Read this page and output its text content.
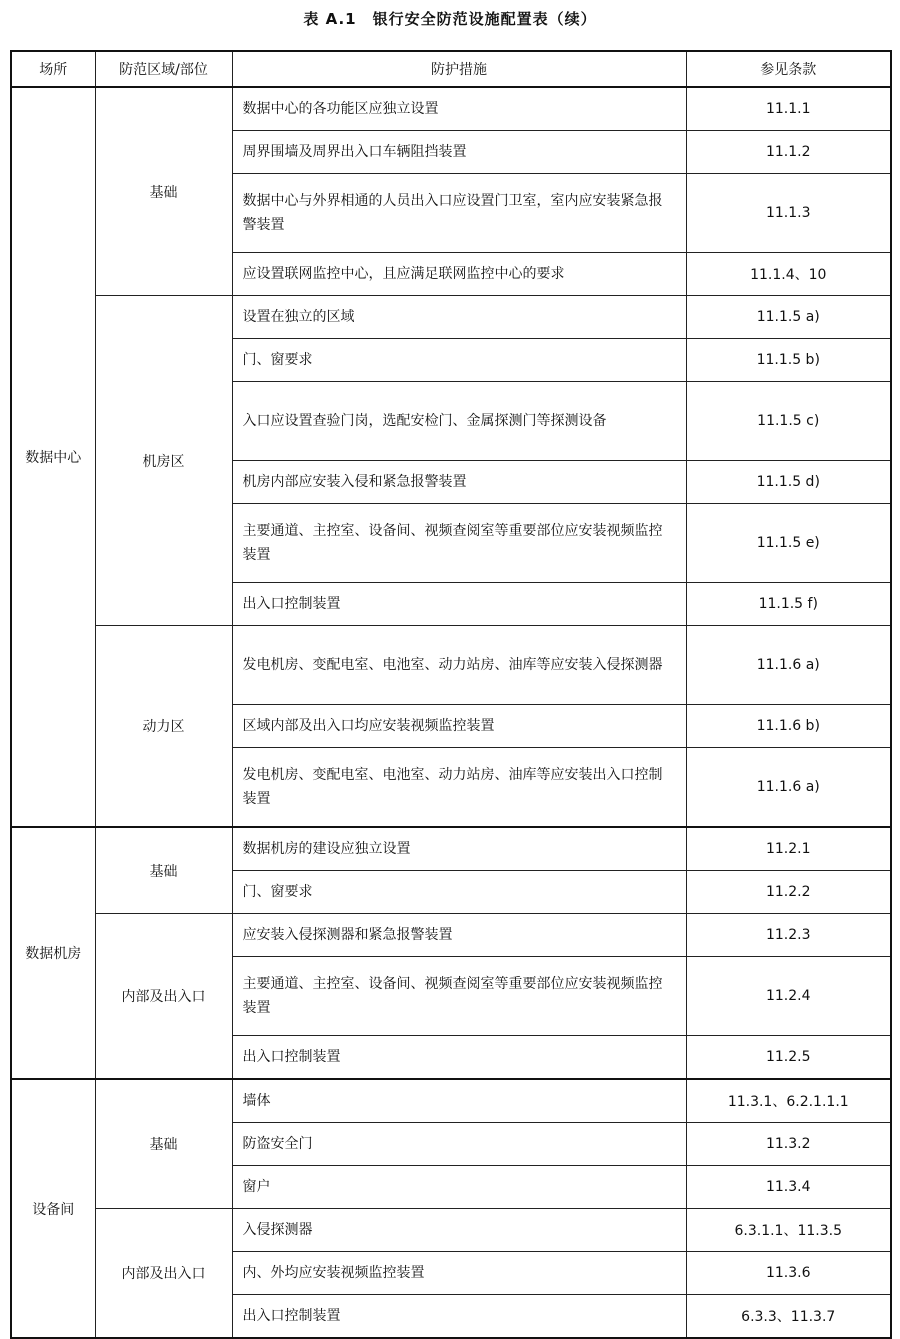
表 A.1　银行安全防范设施配置表（续）
场所	防范区域/部位	防护措施	参见条款
数据中心	基础	数据中心的各功能区应独立设置	11.1.1
		周界围墙及周界出入口车辆阻挡装置	11.1.2
		数据中心与外界相通的人员出入口应设置门卫室，室内应安装紧急报警装置	11.1.3
		应设置联网监控中心，且应满足联网监控中心的要求	11.1.4、10
	机房区	设置在独立的区域	11.1.5 a)
		门、窗要求	11.1.5 b)
		入口应设置查验门岗，选配安检门、金属探测门等探测设备	11.1.5 c)
		机房内部应安装入侵和紧急报警装置	11.1.5 d)
		主要通道、主控室、设备间、视频查阅室等重要部位应安装视频监控装置	11.1.5 e)
		出入口控制装置	11.1.5 f)
	动力区	发电机房、变配电室、电池室、动力站房、油库等应安装入侵探测器	11.1.6 a)
		区域内部及出入口均应安装视频监控装置	11.1.6 b)
		发电机房、变配电室、电池室、动力站房、油库等应安装出入口控制装置	11.1.6 a)
数据机房	基础	数据机房的建设应独立设置	11.2.1
		门、窗要求	11.2.2
	内部及出入口	应安装入侵探测器和紧急报警装置	11.2.3
		主要通道、主控室、设备间、视频查阅室等重要部位应安装视频监控装置	11.2.4
		出入口控制装置	11.2.5
设备间	基础	墙体	11.3.1、6.2.1.1.1
		防盗安全门	11.3.2
		窗户	11.3.4
	内部及出入口	入侵探测器	6.3.1.1、11.3.5
		内、外均应安装视频监控装置	11.3.6
		出入口控制装置	6.3.3、11.3.7
